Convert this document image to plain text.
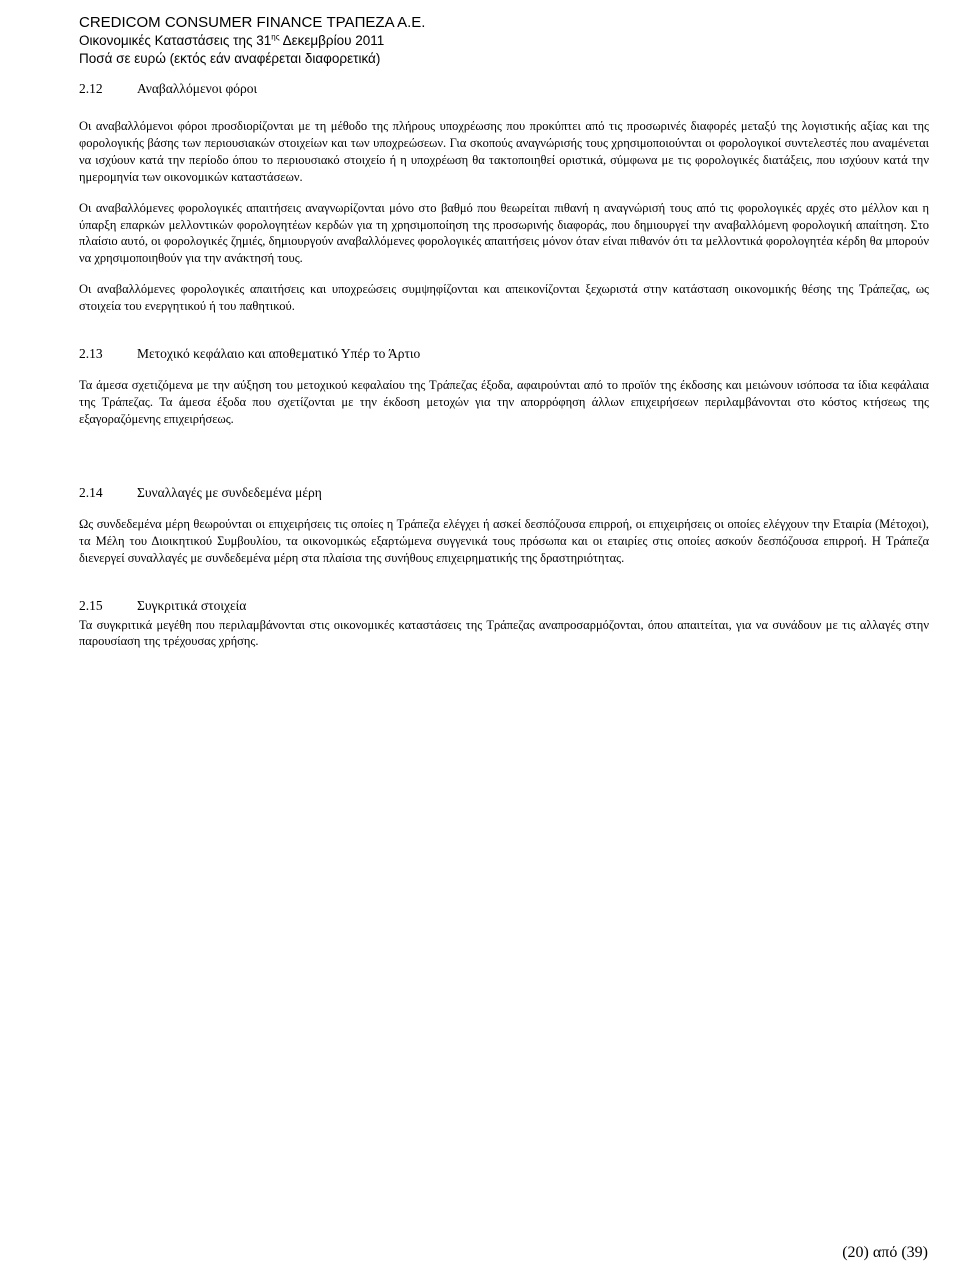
CREDICOM CONSUMER FINANCE ΤΡΑΠΕΖΑ Α.Ε.
Οικονομικές Καταστάσεις της $31^{\eta\varsigma}$ Δεκεμβρίου 2011
Ποσά σε ευρώ (εκτός εάν αναφέρεται διαφορετικά)
2.12	Αναβαλλόμενοι φόροι

Οι αναβαλλόμενοι φόροι προσδιορίζονται με τη μέθοδο της πλήρους υποχρέωσης που προκύπτει από τις προσωρινές διαφορές μεταξύ της λογιστικής αξίας και της φορολογικής βάσης των περιουσιακών στοιχείων και των υποχρεώσεων. Για σκοπούς αναγνώρισής τους χρησιμοποιούνται οι φορολογικοί συντελεστές που αναμένεται να ισχύουν κατά την περίοδο όπου το περιουσιακό στοιχείο ή η υποχρέωση θα τακτοποιηθεί οριστικά, σύμφωνα με τις φορολογικές διατάξεις, που ισχύουν κατά την ημερομηνία των οικονομικών καταστάσεων.

Οι αναβαλλόμενες φορολογικές απαιτήσεις αναγνωρίζονται μόνο στο βαθμό που θεωρείται πιθανή η αναγνώρισή τους από τις φορολογικές αρχές στο μέλλον και η ύπαρξη επαρκών μελλοντικών φορολογητέων κερδών για τη χρησιμοποίηση της προσωρινής διαφοράς, που δημιουργεί την αναβαλλόμενη φορολογική απαίτηση. Στο πλαίσιο αυτό, οι φορολογικές ζημιές, δημιουργούν αναβαλλόμενες φορολογικές απαιτήσεις μόνον όταν είναι πιθανόν ότι τα μελλοντικά φορολογητέα κέρδη θα μπορούν να χρησιμοποιηθούν για την ανάκτησή τους.

Οι αναβαλλόμενες φορολογικές απαιτήσεις και υποχρεώσεις συμψηφίζονται και απεικονίζονται ξεχωριστά στην κατάσταση οικονομικής θέσης της Τράπεζας, ως στοιχεία του ενεργητικού ή του παθητικού.

2.13	Μετοχικό κεφάλαιο και αποθεματικό Υπέρ το Άρτιο

Τα άμεσα σχετιζόμενα με την αύξηση του μετοχικού κεφαλαίου της Τράπεζας έξοδα, αφαιρούνται από το προϊόν της έκδοσης και μειώνουν ισόποσα τα ίδια κεφάλαια της Τράπεζας. Τα άμεσα έξοδα που σχετίζονται με την έκδοση μετοχών για την απορρόφηση άλλων επιχειρήσεων περιλαμβάνονται στο κόστος κτήσεως της εξαγοραζόμενης επιχειρήσεως.

2.14	Συναλλαγές με συνδεδεμένα μέρη

Ως συνδεδεμένα μέρη θεωρούνται οι επιχειρήσεις τις οποίες η Τράπεζα ελέγχει ή ασκεί δεσπόζουσα επιρροή, οι επιχειρήσεις οι οποίες ελέγχουν την Εταιρία (Μέτοχοι), τα Μέλη του Διοικητικού Συμβουλίου, τα οικονομικώς εξαρτώμενα συγγενικά τους πρόσωπα και οι εταιρίες στις οποίες ασκούν δεσπόζουσα επιρροή. Η Τράπεζα διενεργεί συναλλαγές με συνδεδεμένα μέρη στα πλαίσια της συνήθους επιχειρηματικής της δραστηριότητας.

2.15	Συγκριτικά στοιχεία

Τα συγκριτικά μεγέθη που περιλαμβάνονται στις οικονομικές καταστάσεις της Τράπεζας αναπροσαρμόζονται, όπου απαιτείται, για να συνάδουν με τις αλλαγές στην παρουσίαση της τρέχουσας χρήσης.

(20) από (39)
